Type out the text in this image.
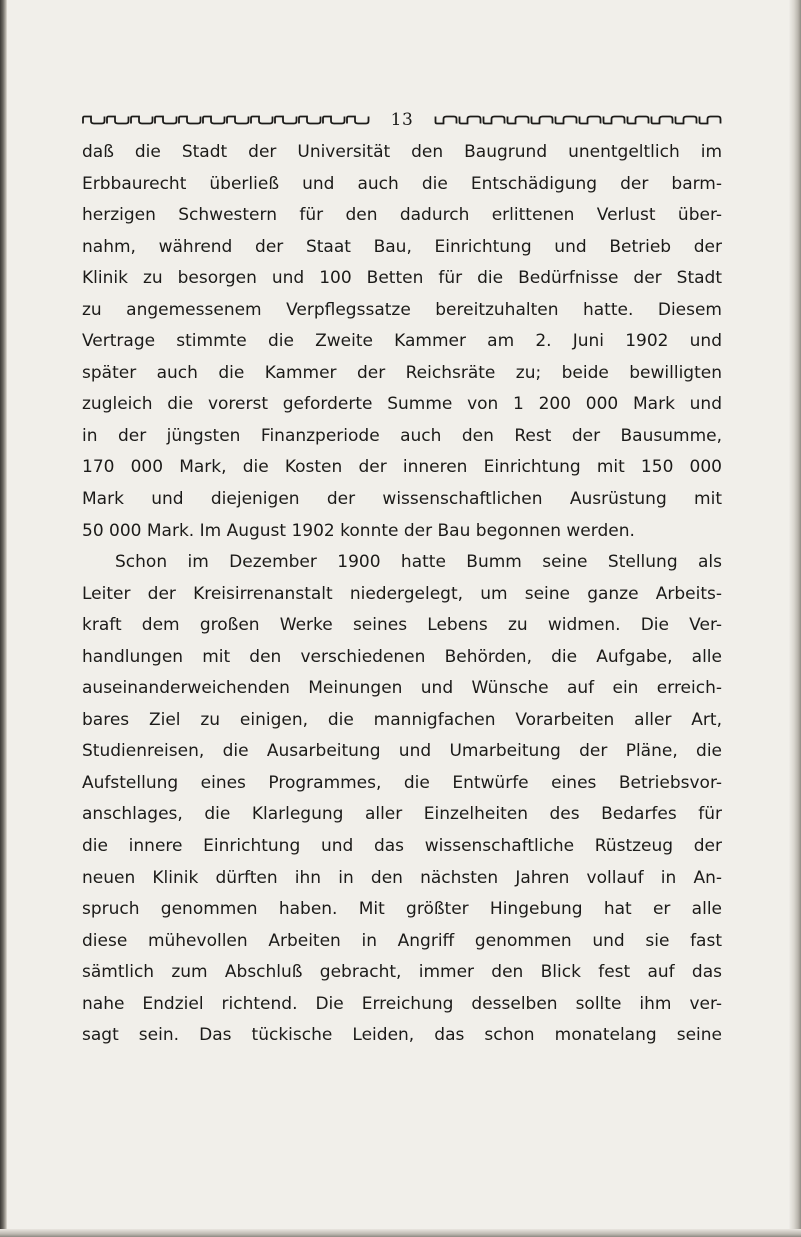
13
daß die Stadt der Universität den Baugrund unentgeltlich im
Erbbaurecht überließ und auch die Entschädigung der barm-
herzigen Schwestern für den dadurch erlittenen Verlust über-
nahm, während der Staat Bau, Einrichtung und Betrieb der
Klinik zu besorgen und 100 Betten für die Bedürfnisse der Stadt
zu angemessenem Verpflegssatze bereitzuhalten hatte. Diesem
Vertrage stimmte die Zweite Kammer am 2. Juni 1902 und
später auch die Kammer der Reichsräte zu; beide bewilligten
zugleich die vorerst geforderte Summe von 1 200 000 Mark und
in der jüngsten Finanzperiode auch den Rest der Bausumme,
170 000 Mark, die Kosten der inneren Einrichtung mit 150 000
Mark und diejenigen der wissenschaftlichen Ausrüstung mit
50 000 Mark. Im August 1902 konnte der Bau begonnen werden.
Schon im Dezember 1900 hatte Bumm seine Stellung als
Leiter der Kreisirrenanstalt niedergelegt, um seine ganze Arbeits-
kraft dem großen Werke seines Lebens zu widmen. Die Ver-
handlungen mit den verschiedenen Behörden, die Aufgabe, alle
auseinanderweichenden Meinungen und Wünsche auf ein erreich-
bares Ziel zu einigen, die mannigfachen Vorarbeiten aller Art,
Studienreisen, die Ausarbeitung und Umarbeitung der Pläne, die
Aufstellung eines Programmes, die Entwürfe eines Betriebsvor-
anschlages, die Klarlegung aller Einzelheiten des Bedarfes für
die innere Einrichtung und das wissenschaftliche Rüstzeug der
neuen Klinik dürften ihn in den nächsten Jahren vollauf in An-
spruch genommen haben. Mit größter Hingebung hat er alle
diese mühevollen Arbeiten in Angriff genommen und sie fast
sämtlich zum Abschluß gebracht, immer den Blick fest auf das
nahe Endziel richtend. Die Erreichung desselben sollte ihm ver-
sagt sein. Das tückische Leiden, das schon monatelang seine
